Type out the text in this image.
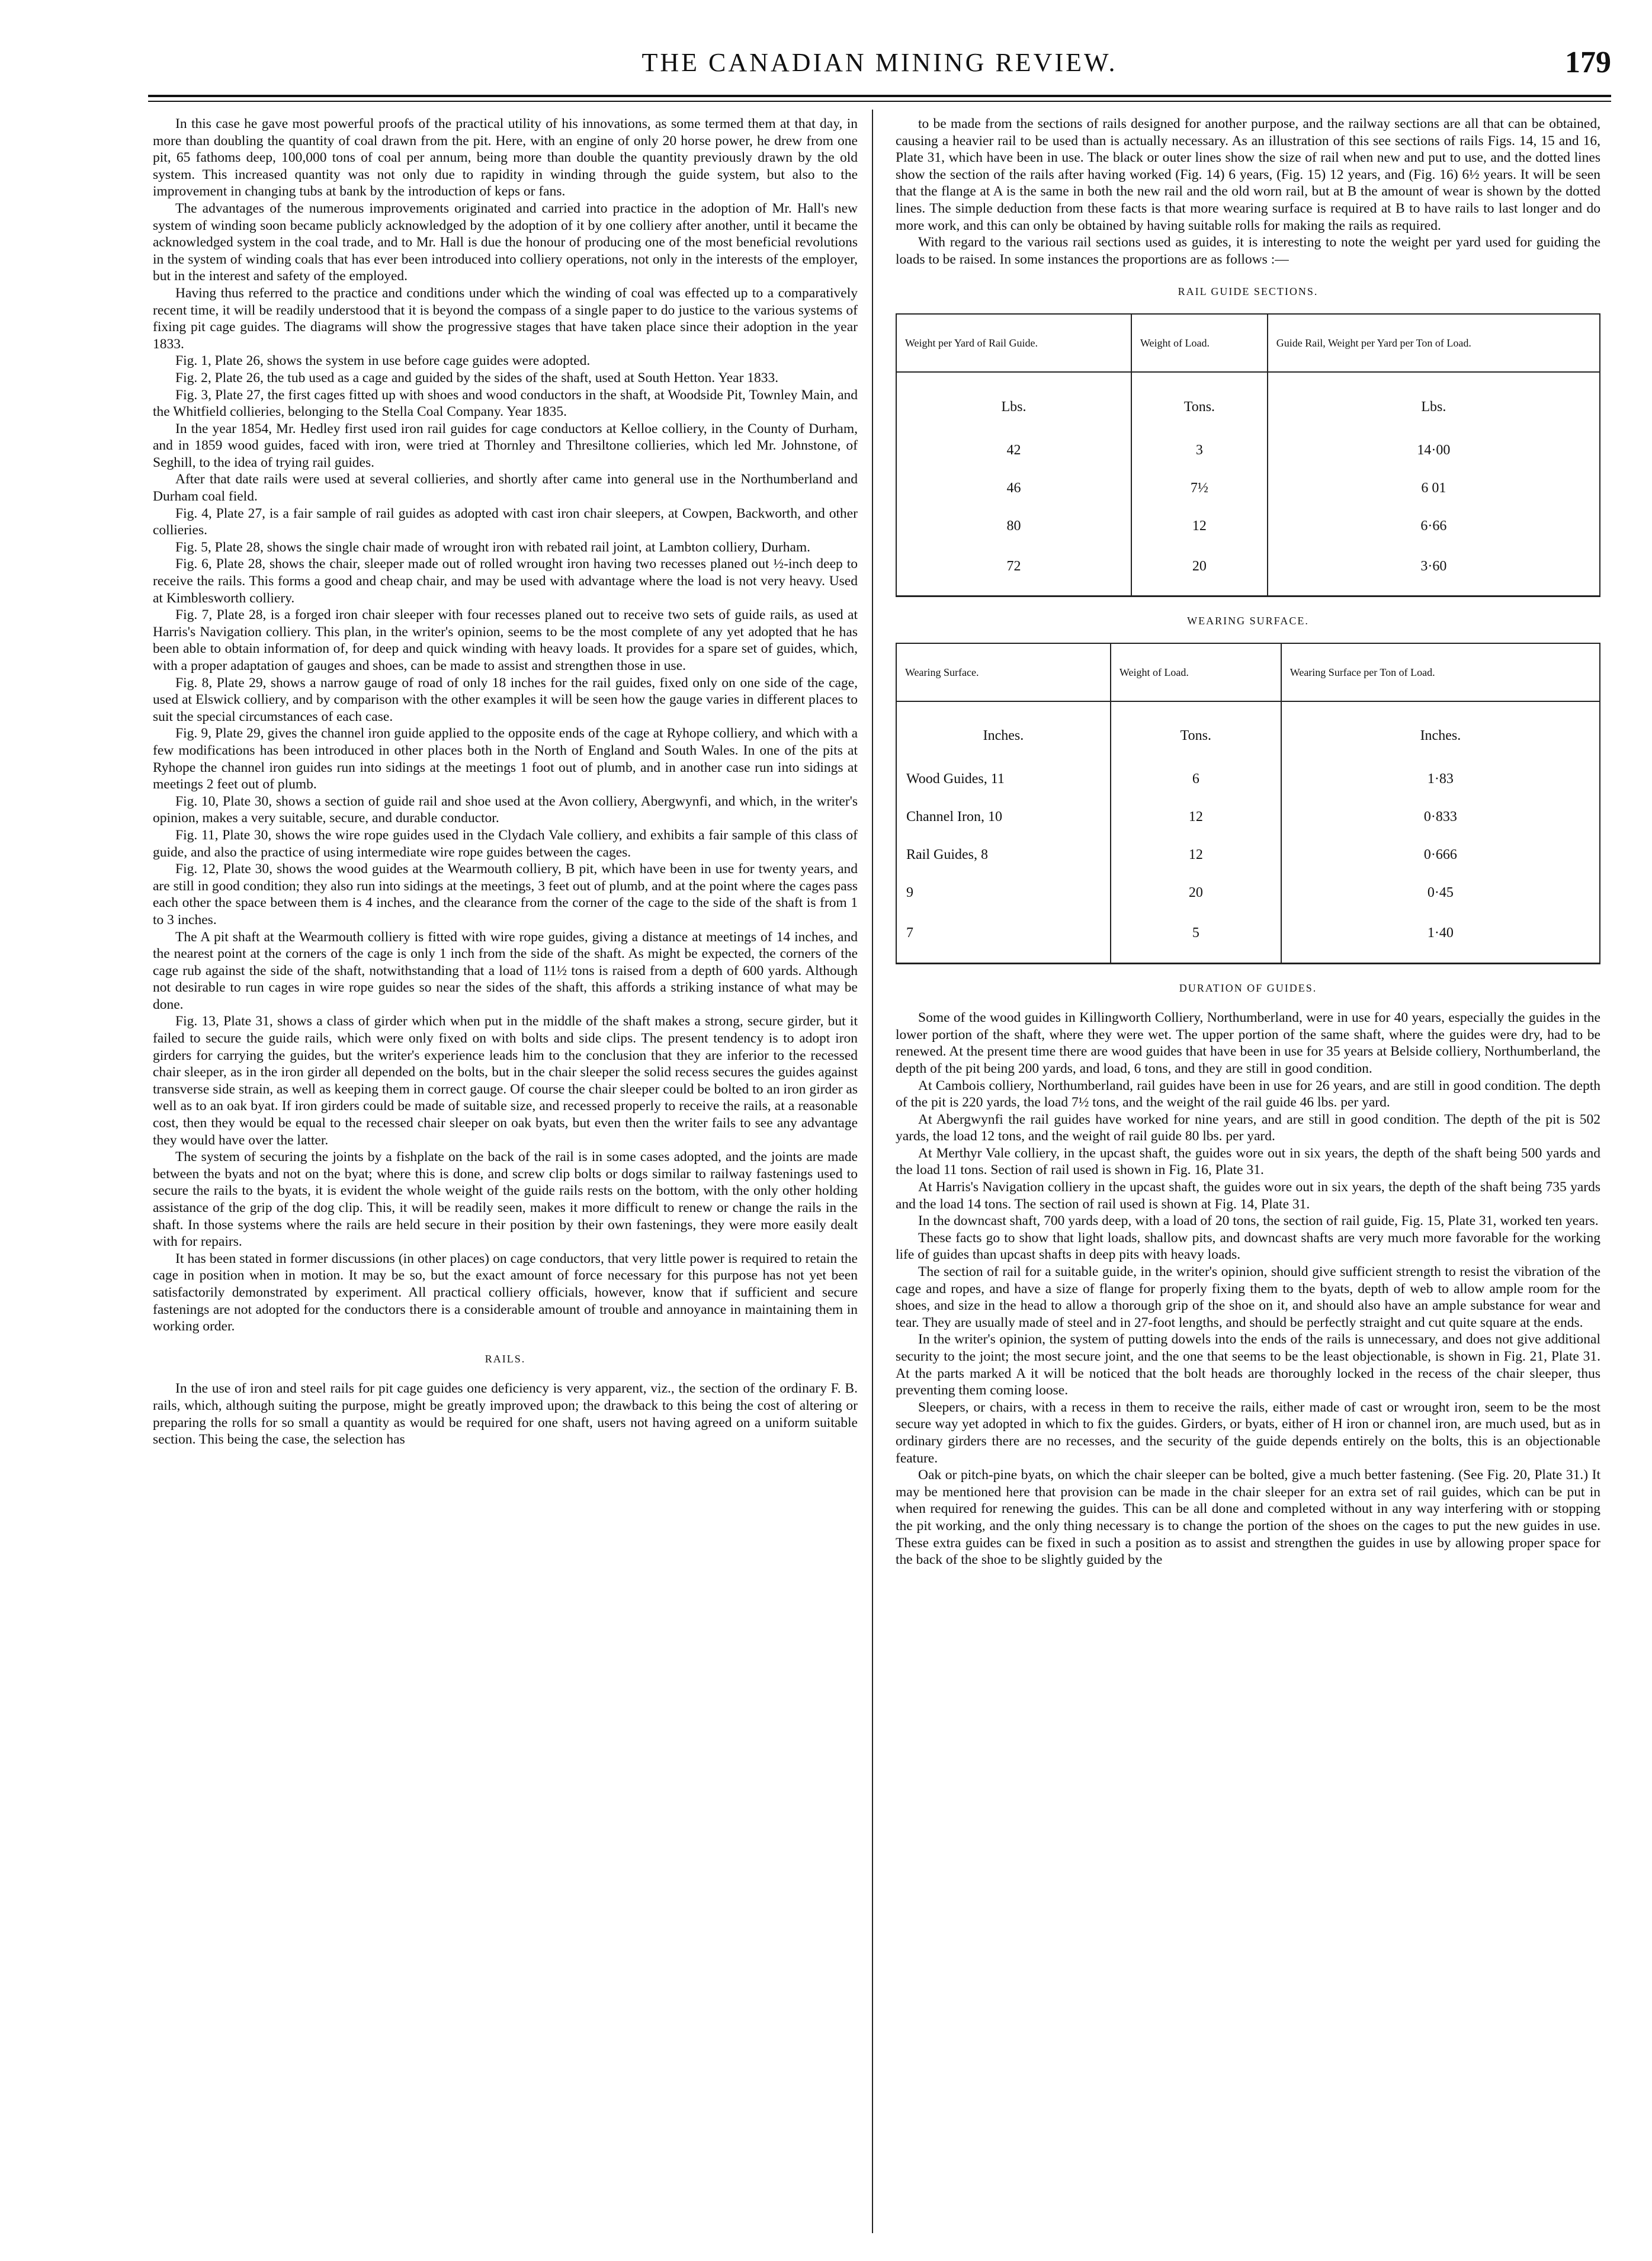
THE CANADIAN MINING REVIEW.	179

In this case he gave most powerful proofs of the practical utility of his innovations, as some termed them at that day, in more than doubling the quantity of coal drawn from the pit. Here, with an engine of only 20 horse power, he drew from one pit, 65 fathoms deep, 100,000 tons of coal per annum, being more than double the quantity previously drawn by the old system. This increased quantity was not only due to rapidity in winding through the guide system, but also to the improvement in changing tubs at bank by the introduction of keps or fans.

The advantages of the numerous improvements originated and carried into practice in the adoption of Mr. Hall's new system of winding soon became publicly acknowledged by the adoption of it by one colliery after another, until it became the acknowledged system in the coal trade, and to Mr. Hall is due the honour of producing one of the most beneficial revolutions in the system of winding coals that has ever been introduced into colliery operations, not only in the interests of the employer, but in the interest and safety of the employed.

Having thus referred to the practice and conditions under which the winding of coal was effected up to a comparatively recent time, it will be readily understood that it is beyond the compass of a single paper to do justice to the various systems of fixing pit cage guides. The diagrams will show the progressive stages that have taken place since their adoption in the year 1833.

Fig. 1, Plate 26, shows the system in use before cage guides were adopted.

Fig. 2, Plate 26, the tub used as a cage and guided by the sides of the shaft, used at South Hetton. Year 1833.

Fig. 3, Plate 27, the first cages fitted up with shoes and wood conductors in the shaft, at Woodside Pit, Townley Main, and the Whitfield collieries, belonging to the Stella Coal Company. Year 1835.

In the year 1854, Mr. Hedley first used iron rail guides for cage conductors at Kelloe colliery, in the County of Durham, and in 1859 wood guides, faced with iron, were tried at Thornley and Thresiltone collieries, which led Mr. Johnstone, of Seghill, to the idea of trying rail guides.

After that date rails were used at several collieries, and shortly after came into general use in the Northumberland and Durham coal field.

Fig. 4, Plate 27, is a fair sample of rail guides as adopted with cast iron chair sleepers, at Cowpen, Backworth, and other collieries.

Fig. 5, Plate 28, shows the single chair made of wrought iron with rebated rail joint, at Lambton colliery, Durham.

Fig. 6, Plate 28, shows the chair, sleeper made out of rolled wrought iron having two recesses planed out ½-inch deep to receive the rails. This forms a good and cheap chair, and may be used with advantage where the load is not very heavy. Used at Kimblesworth colliery.

Fig. 7, Plate 28, is a forged iron chair sleeper with four recesses planed out to receive two sets of guide rails, as used at Harris's Navigation colliery. This plan, in the writer's opinion, seems to be the most complete of any yet adopted that he has been able to obtain information of, for deep and quick winding with heavy loads. It provides for a spare set of guides, which, with a proper adaptation of gauges and shoes, can be made to assist and strengthen those in use.

Fig. 8, Plate 29, shows a narrow gauge of road of only 18 inches for the rail guides, fixed only on one side of the cage, used at Elswick colliery, and by comparison with the other examples it will be seen how the gauge varies in different places to suit the special circumstances of each case.

Fig. 9, Plate 29, gives the channel iron guide applied to the opposite ends of the cage at Ryhope colliery, and which with a few modifications has been introduced in other places both in the North of England and South Wales. In one of the pits at Ryhope the channel iron guides run into sidings at the meetings 1 foot out of plumb, and in another case run into sidings at meetings 2 feet out of plumb.

Fig. 10, Plate 30, shows a section of guide rail and shoe used at the Avon colliery, Abergwynfi, and which, in the writer's opinion, makes a very suitable, secure, and durable conductor.

Fig. 11, Plate 30, shows the wire rope guides used in the Clydach Vale colliery, and exhibits a fair sample of this class of guide, and also the practice of using intermediate wire rope guides between the cages.

Fig. 12, Plate 30, shows the wood guides at the Wearmouth colliery, B pit, which have been in use for twenty years, and are still in good condition; they also run into sidings at the meetings, 3 feet out of plumb, and at the point where the cages pass each other the space between them is 4 inches, and the clearance from the corner of the cage to the side of the shaft is from 1 to 3 inches.

The A pit shaft at the Wearmouth colliery is fitted with wire rope guides, giving a distance at meetings of 14 inches, and the nearest point at the corners of the cage is only 1 inch from the side of the shaft. As might be expected, the corners of the cage rub against the side of the shaft, notwithstanding that a load of 11½ tons is raised from a depth of 600 yards. Although not desirable to run cages in wire rope guides so near the sides of the shaft, this affords a striking instance of what may be done.

Fig. 13, Plate 31, shows a class of girder which when put in the middle of the shaft makes a strong, secure girder, but it failed to secure the guide rails, which were only fixed on with bolts and side clips. The present tendency is to adopt iron girders for carrying the guides, but the writer's experience leads him to the conclusion that they are inferior to the recessed chair sleeper, as in the iron girder all depended on the bolts, but in the chair sleeper the solid recess secures the guides against transverse side strain, as well as keeping them in correct gauge. Of course the chair sleeper could be bolted to an iron girder as well as to an oak byat. If iron girders could be made of suitable size, and recessed properly to receive the rails, at a reasonable cost, then they would be equal to the recessed chair sleeper on oak byats, but even then the writer fails to see any advantage they would have over the latter.

The system of securing the joints by a fishplate on the back of the rail is in some cases adopted, and the joints are made between the byats and not on the byat; where this is done, and screw clip bolts or dogs similar to railway fastenings used to secure the rails to the byats, it is evident the whole weight of the guide rails rests on the bottom, with the only other holding assistance of the grip of the dog clip. This, it will be readily seen, makes it more difficult to renew or change the rails in the shaft. In those systems where the rails are held secure in their position by their own fastenings, they were more easily dealt with for repairs.

It has been stated in former discussions (in other places) on cage conductors, that very little power is required to retain the cage in position when in motion. It may be so, but the exact amount of force necessary for this purpose has not yet been satisfactorily demonstrated by experiment. All practical colliery officials, however, know that if sufficient and secure fastenings are not adopted for the conductors there is a considerable amount of trouble and annoyance in maintaining them in working order.

RAILS.

In the use of iron and steel rails for pit cage guides one deficiency is very apparent, viz., the section of the ordinary F. B. rails, which, although suiting the purpose, might be greatly improved upon; the drawback to this being the cost of altering or preparing the rolls for so small a quantity as would be required for one shaft, users not having agreed on a uniform suitable section. This being the case, the selection has

to be made from the sections of rails designed for another purpose, and the railway sections are all that can be obtained, causing a heavier rail to be used than is actually necessary. As an illustration of this see sections of rails Figs. 14, 15 and 16, Plate 31, which have been in use. The black or outer lines show the size of rail when new and put to use, and the dotted lines show the section of the rails after having worked (Fig. 14) 6 years, (Fig. 15) 12 years, and (Fig. 16) 6½ years. It will be seen that the flange at A is the same in both the new rail and the old worn rail, but at B the amount of wear is shown by the dotted lines. The simple deduction from these facts is that more wearing surface is required at B to have rails to last longer and do more work, and this can only be obtained by having suitable rolls for making the rails as required.

With regard to the various rail sections used as guides, it is interesting to note the weight per yard used for guiding the loads to be raised. In some instances the proportions are as follows :—

RAIL GUIDE SECTIONS.
Weight per Yard of Rail Guide.	Weight of Load.	Guide Rail, Weight per Yard per Ton of Load.
Lbs.	Tons.	Lbs.
42	3	14·00
46	7½	6 01
80	12	6·66
72	20	3·60
WEARING SURFACE.
Wearing Surface.	Weight of Load.	Wearing Surface per Ton of Load.
Inches.	Tons.	Inches.
Wood Guides, 11	6	1·83
Channel Iron, 10	12	0·833
Rail Guides, 8	12	0·666
9	20	0·45
7	5	1·40
DURATION OF GUIDES.

Some of the wood guides in Killingworth Colliery, Northumberland, were in use for 40 years, especially the guides in the lower portion of the shaft, where they were wet. The upper portion of the same shaft, where the guides were dry, had to be renewed. At the present time there are wood guides that have been in use for 35 years at Belside colliery, Northumberland, the depth of the pit being 200 yards, and load, 6 tons, and they are still in good condition.

At Cambois colliery, Northumberland, rail guides have been in use for 26 years, and are still in good condition. The depth of the pit is 220 yards, the load 7½ tons, and the weight of the rail guide 46 lbs. per yard.

At Abergwynfi the rail guides have worked for nine years, and are still in good condition. The depth of the pit is 502 yards, the load 12 tons, and the weight of rail guide 80 lbs. per yard.

At Merthyr Vale colliery, in the upcast shaft, the guides wore out in six years, the depth of the shaft being 500 yards and the load 11 tons. Section of rail used is shown in Fig. 16, Plate 31.

At Harris's Navigation colliery in the upcast shaft, the guides wore out in six years, the depth of the shaft being 735 yards and the load 14 tons. The section of rail used is shown at Fig. 14, Plate 31.

In the downcast shaft, 700 yards deep, with a load of 20 tons, the section of rail guide, Fig. 15, Plate 31, worked ten years.

These facts go to show that light loads, shallow pits, and downcast shafts are very much more favorable for the working life of guides than upcast shafts in deep pits with heavy loads.

The section of rail for a suitable guide, in the writer's opinion, should give sufficient strength to resist the vibration of the cage and ropes, and have a size of flange for properly fixing them to the byats, depth of web to allow ample room for the shoes, and size in the head to allow a thorough grip of the shoe on it, and should also have an ample substance for wear and tear. They are usually made of steel and in 27-foot lengths, and should be perfectly straight and cut quite square at the ends.

In the writer's opinion, the system of putting dowels into the ends of the rails is unnecessary, and does not give additional security to the joint; the most secure joint, and the one that seems to be the least objectionable, is shown in Fig. 21, Plate 31. At the parts marked A it will be noticed that the bolt heads are thoroughly locked in the recess of the chair sleeper, thus preventing them coming loose.

Sleepers, or chairs, with a recess in them to receive the rails, either made of cast or wrought iron, seem to be the most secure way yet adopted in which to fix the guides. Girders, or byats, either of H iron or channel iron, are much used, but as in ordinary girders there are no recesses, and the security of the guide depends entirely on the bolts, this is an objectionable feature.

Oak or pitch-pine byats, on which the chair sleeper can be bolted, give a much better fastening. (See Fig. 20, Plate 31.) It may be mentioned here that provision can be made in the chair sleeper for an extra set of rail guides, which can be put in when required for renewing the guides. This can be all done and completed without in any way interfering with or stopping the pit working, and the only thing necessary is to change the portion of the shoes on the cages to put the new guides in use. These extra guides can be fixed in such a position as to assist and strengthen the guides in use by allowing proper space for the back of the shoe to be slightly guided by the
